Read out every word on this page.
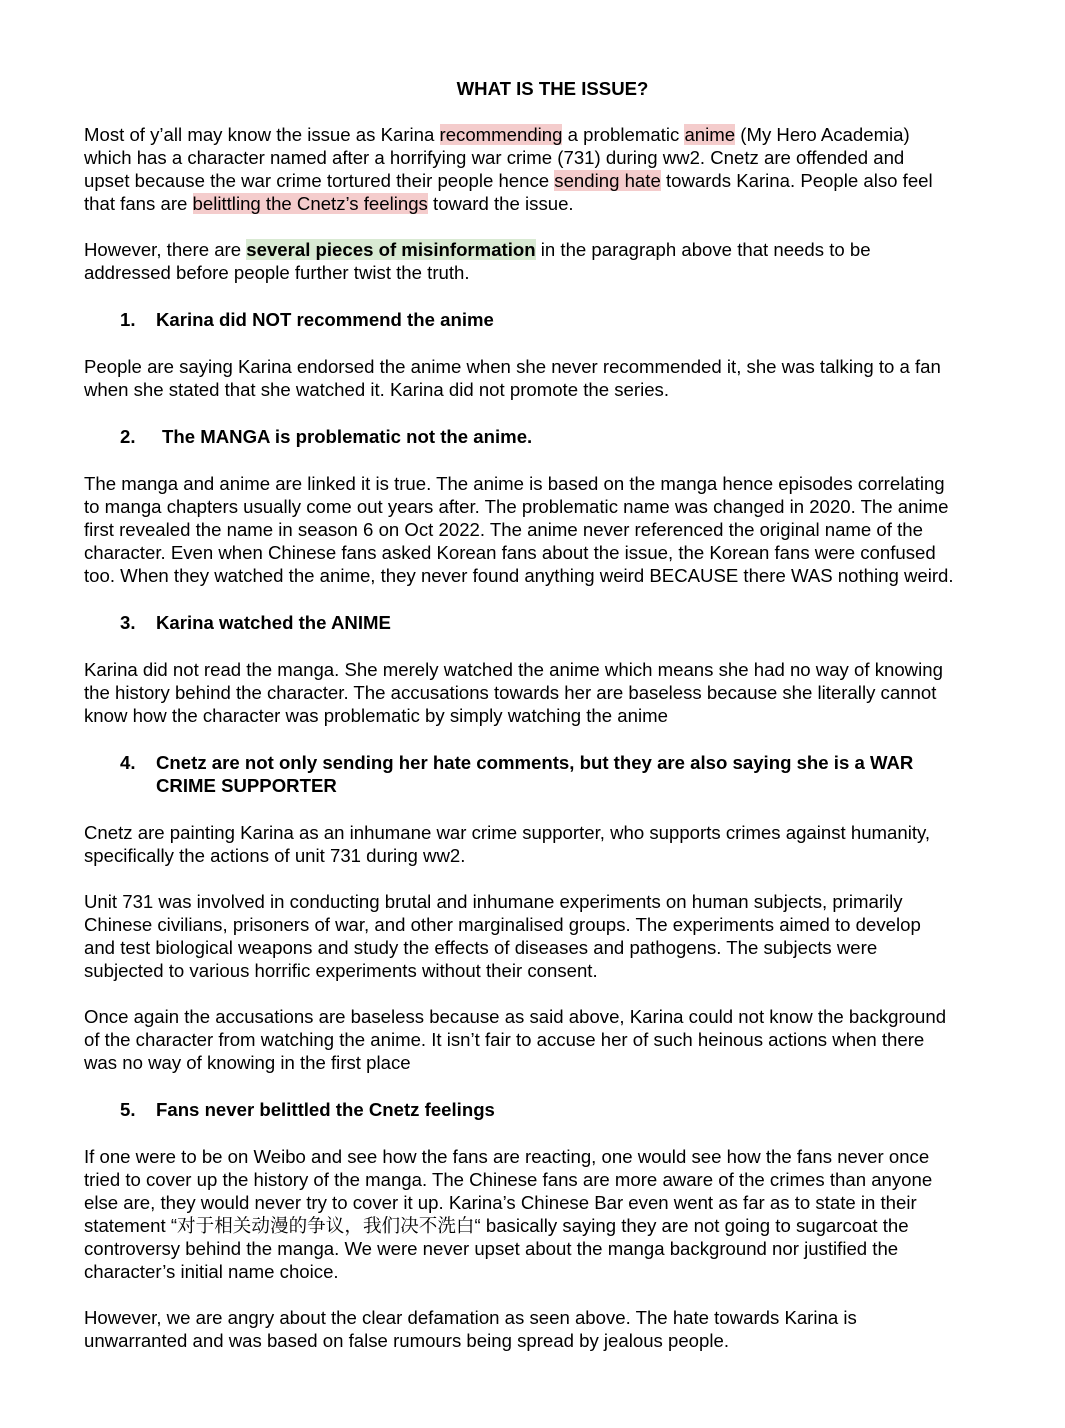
WHAT IS THE ISSUE?
Most of y’all may know the issue as Karina recommending a problematic anime (My Hero Academia)
which has a character named after a horrifying war crime (731) during ww2. Cnetz are offended and
upset because the war crime tortured their people hence sending hate towards Karina. People also feel
that fans are belittling the Cnetz’s feelings toward the issue.
However, there are several pieces of misinformation in the paragraph above that needs to be
addressed before people further twist the truth.
1. Karina did NOT recommend the anime
People are saying Karina endorsed the anime when she never recommended it, she was talking to a fan
when she stated that she watched it. Karina did not promote the series.
2. The MANGA is problematic not the anime.
The manga and anime are linked it is true. The anime is based on the manga hence episodes correlating
to manga chapters usually come out years after. The problematic name was changed in 2020. The anime
first revealed the name in season 6 on Oct 2022. The anime never referenced the original name of the
character. Even when Chinese fans asked Korean fans about the issue, the Korean fans were confused
too. When they watched the anime, they never found anything weird BECAUSE there WAS nothing weird.
3. Karina watched the ANIME
Karina did not read the manga. She merely watched the anime which means she had no way of knowing
the history behind the character. The accusations towards her are baseless because she literally cannot
know how the character was problematic by simply watching the anime
4. Cnetz are not only sending her hate comments, but they are also saying she is a WAR
CRIME SUPPORTER
Cnetz are painting Karina as an inhumane war crime supporter, who supports crimes against humanity,
specifically the actions of unit 731 during ww2.
Unit 731 was involved in conducting brutal and inhumane experiments on human subjects, primarily
Chinese civilians, prisoners of war, and other marginalised groups. The experiments aimed to develop
and test biological weapons and study the effects of diseases and pathogens. The subjects were
subjected to various horrific experiments without their consent.
Once again the accusations are baseless because as said above, Karina could not know the background
of the character from watching the anime. It isn’t fair to accuse her of such heinous actions when there
was no way of knowing in the first place
5. Fans never belittled the Cnetz feelings
If one were to be on Weibo and see how the fans are reacting, one would see how the fans never once
tried to cover up the history of the manga. The Chinese fans are more aware of the crimes than anyone
else are, they would never try to cover it up. Karina’s Chinese Bar even went as far as to state in their
statement “对于相关动漫的争议，我们决不洗白“ basically saying they are not going to sugarcoat the
controversy behind the manga. We were never upset about the manga background nor justified the
character’s initial name choice.
However, we are angry about the clear defamation as seen above. The hate towards Karina is
unwarranted and was based on false rumours being spread by jealous people.
